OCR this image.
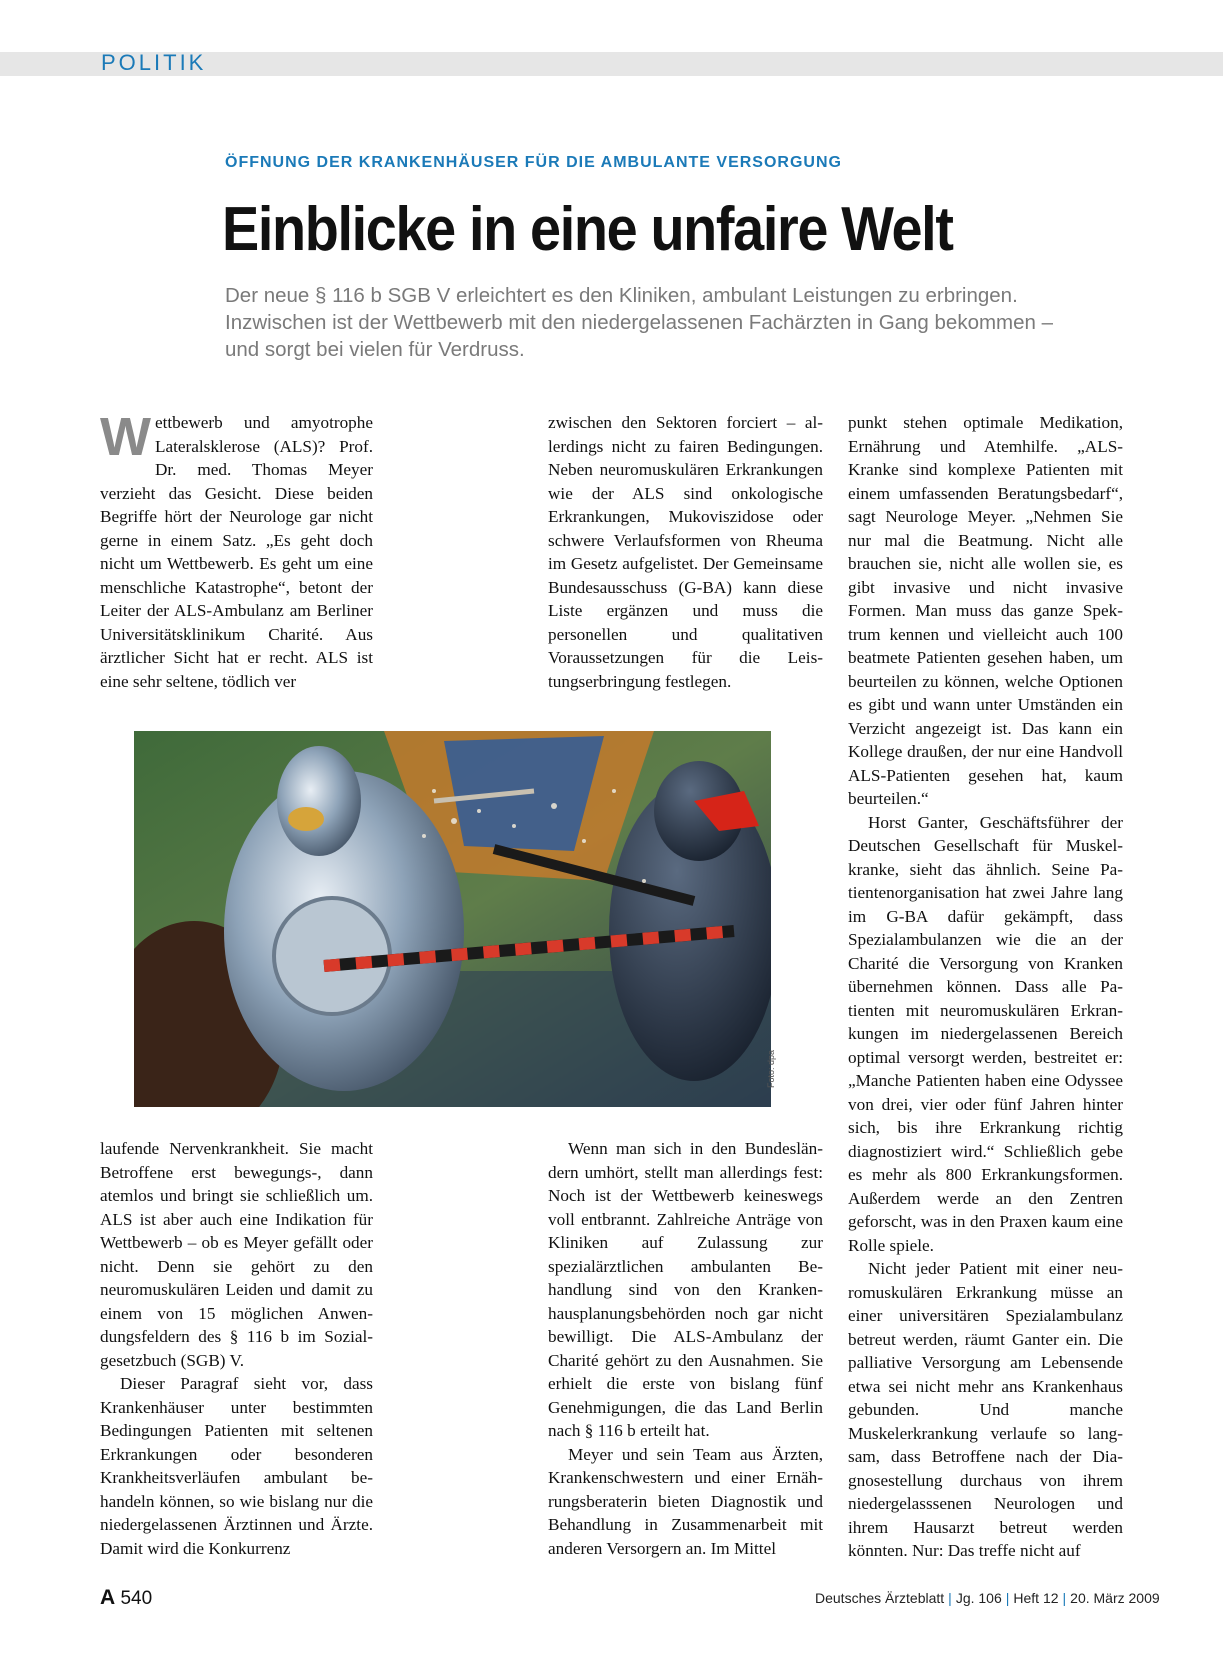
POLITIK
ÖFFNUNG DER KRANKENHÄUSER FÜR DIE AMBULANTE VERSORGUNG
Einblicke in eine unfaire Welt
Der neue § 116 b SGB V erleichtert es den Kliniken, ambulant Leistungen zu erbringen. Inzwischen ist der Wettbewerb mit den niedergelassenen Fachärzten in Gang bekommen – und sorgt bei vielen für Verdruss.

Wettbewerb und amyotrophe Lateralsklerose (ALS)? Prof. Dr. med. Thomas Meyer verzieht das Gesicht. Diese beiden Begriffe hört der Neurologe gar nicht gerne in einem Satz. „Es geht doch nicht um Wettbewerb. Es geht um eine menschliche Katastrophe“, betont der Leiter der ALS-Ambulanz am Berliner Universitätsklinikum Charité. Aus ärztlicher Sicht hat er recht. ALS ist eine sehr seltene, tödlich ver

zwischen den Sektoren forciert – allerdings nicht zu fairen Bedingungen. Neben neuromuskulären Erkrankungen wie der ALS sind onkologische Erkrankungen, Mukoviszidose oder schwere Verlaufsformen von Rheuma im Gesetz aufgelistet. Der Gemeinsame Bundesausschuss (G-BA) kann diese Liste ergänzen und muss die personellen und qualitativen Voraussetzungen für die Leistungserbringung festlegen.

punkt stehen optimale Medikation, Ernährung und Atemhilfe. „ALS-Kranke sind komplexe Patienten mit einem umfassenden Beratungsbedarf“, sagt Neurologe Meyer. „Nehmen Sie nur mal die Beatmung. Nicht alle brauchen sie, nicht alle wollen sie, es gibt invasive und nicht invasive Formen. Man muss das ganze Spektrum kennen und vielleicht auch 100 beatmete Patienten gesehen haben, um beurteilen zu können, welche Optionen es gibt und wann unter Umständen ein Verzicht angezeigt ist. Das kann ein Kollege draußen, der nur eine Handvoll ALS-Patienten gesehen hat, kaum beurteilen.“

Horst Ganter, Geschäftsführer der Deutschen Gesellschaft für Muskelkranke, sieht das ähnlich. Seine Patientenorganisation hat zwei Jahre lang im G-BA dafür gekämpft, dass Spezialambulanzen wie die an der Charité die Versorgung von Kranken übernehmen können. Dass alle Patienten mit neuromuskulären Erkrankungen im niedergelassenen Bereich optimal versorgt werden, bestreitet er: „Manche Patienten haben eine Odyssee von drei, vier oder fünf Jahren hinter sich, bis ihre Erkrankung richtig diagnostiziert wird.“ Schließlich gebe es mehr als 800 Erkrankungsformen. Außerdem werde an den Zentren geforscht, was in den Praxen kaum eine Rolle spiele.

Nicht jeder Patient mit einer neuromuskulären Erkrankung müsse an einer universitären Spezialambulanz betreut werden, räumt Ganter ein. Die palliative Versorgung am Lebensende etwa sei nicht mehr ans Krankenhaus gebunden. Und manche Muskelerkrankung verlaufe so langsam, dass Betroffene nach der Diagnosestellung durchaus von ihrem niedergelasssenen Neurologen und ihrem Hausarzt betreut werden könnten. Nur: Das treffe nicht auf

Foto: dpa

laufende Nervenkrankheit. Sie macht Betroffene erst bewegungs-, dann atemlos und bringt sie schließlich um. ALS ist aber auch eine Indikation für Wettbewerb – ob es Meyer gefällt oder nicht. Denn sie gehört zu den neuromuskulären Leiden und damit zu einem von 15 möglichen Anwendungsfeldern des § 116 b im Sozialgesetzbuch (SGB) V.

Dieser Paragraf sieht vor, dass Krankenhäuser unter bestimmten Bedingungen Patienten mit seltenen Erkrankungen oder besonderen Krankheitsverläufen ambulant behandeln können, so wie bislang nur die niedergelassenen Ärztinnen und Ärzte. Damit wird die Konkurrenz

Wenn man sich in den Bundesländern umhört, stellt man allerdings fest: Noch ist der Wettbewerb keineswegs voll entbrannt. Zahlreiche Anträge von Kliniken auf Zulassung zur spezialärztlichen ambulanten Behandlung sind von den Krankenhausplanungsbehörden noch gar nicht bewilligt. Die ALS-Ambulanz der Charité gehört zu den Ausnahmen. Sie erhielt die erste von bislang fünf Genehmigungen, die das Land Berlin nach § 116 b erteilt hat.

Meyer und sein Team aus Ärzten, Krankenschwestern und einer Ernährungsberaterin bieten Diagnostik und Behandlung in Zusammenarbeit mit anderen Versorgern an. Im Mittel

A 540	Deutsches Ärzteblatt | Jg. 106 | Heft 12 | 20. März 2009
